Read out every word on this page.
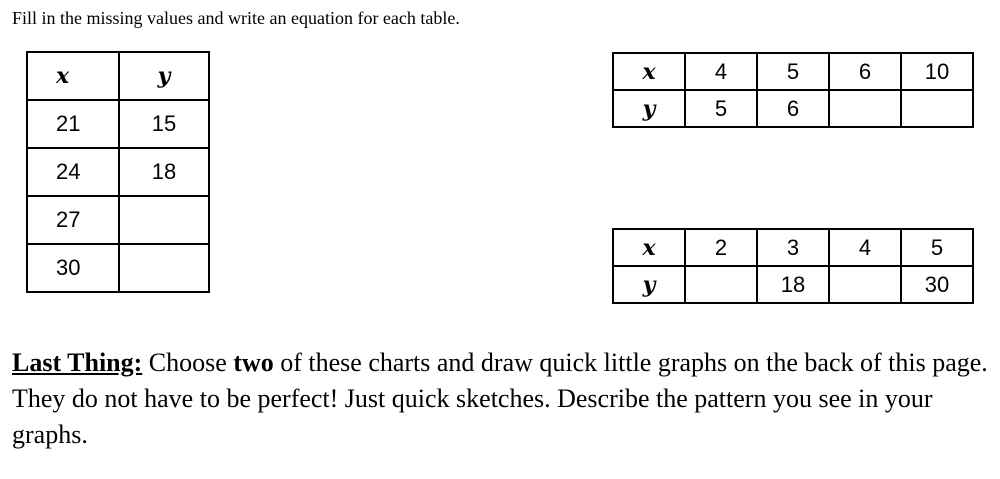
Fill in the missing values and write an equation for each table.
x	y
21	15
24	18
27	
30	
x	4	5	6	10
y	5	6		
x	2	3	4	5
y		18		30
Last Thing: Choose two of these charts and draw quick little graphs on the back of this page. They do not have to be perfect! Just quick sketches. Describe the pattern you see in your graphs.
